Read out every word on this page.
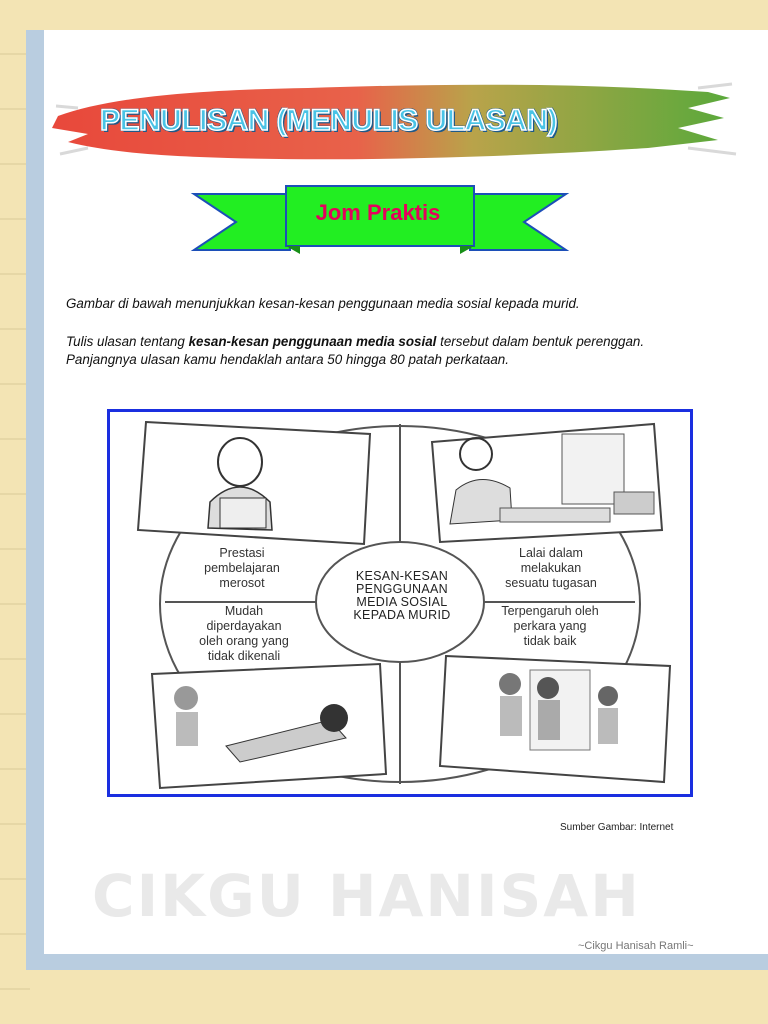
PENULISAN (MENULIS ULASAN)
Jom Praktis
Gambar di bawah menunjukkan kesan-kesan penggunaan media sosial kepada murid.
Tulis ulasan tentang kesan-kesan penggunaan media sosial tersebut dalam bentuk perenggan.
Panjangnya ulasan kamu hendaklah antara 50 hingga 80 patah perkataan.
KESAN-KESAN
PENGGUNAAN
MEDIA SOSIAL
KEPADA MURID
Prestasi
pembelajaran
merosot
Mudah
diperdayakan
oleh orang yang
tidak dikenali
Lalai dalam
melakukan
sesuatu tugasan
Terpengaruh oleh
perkara yang
tidak baik
Sumber Gambar: Internet
CIKGU HANISAH
~Cikgu Hanisah Ramli~
